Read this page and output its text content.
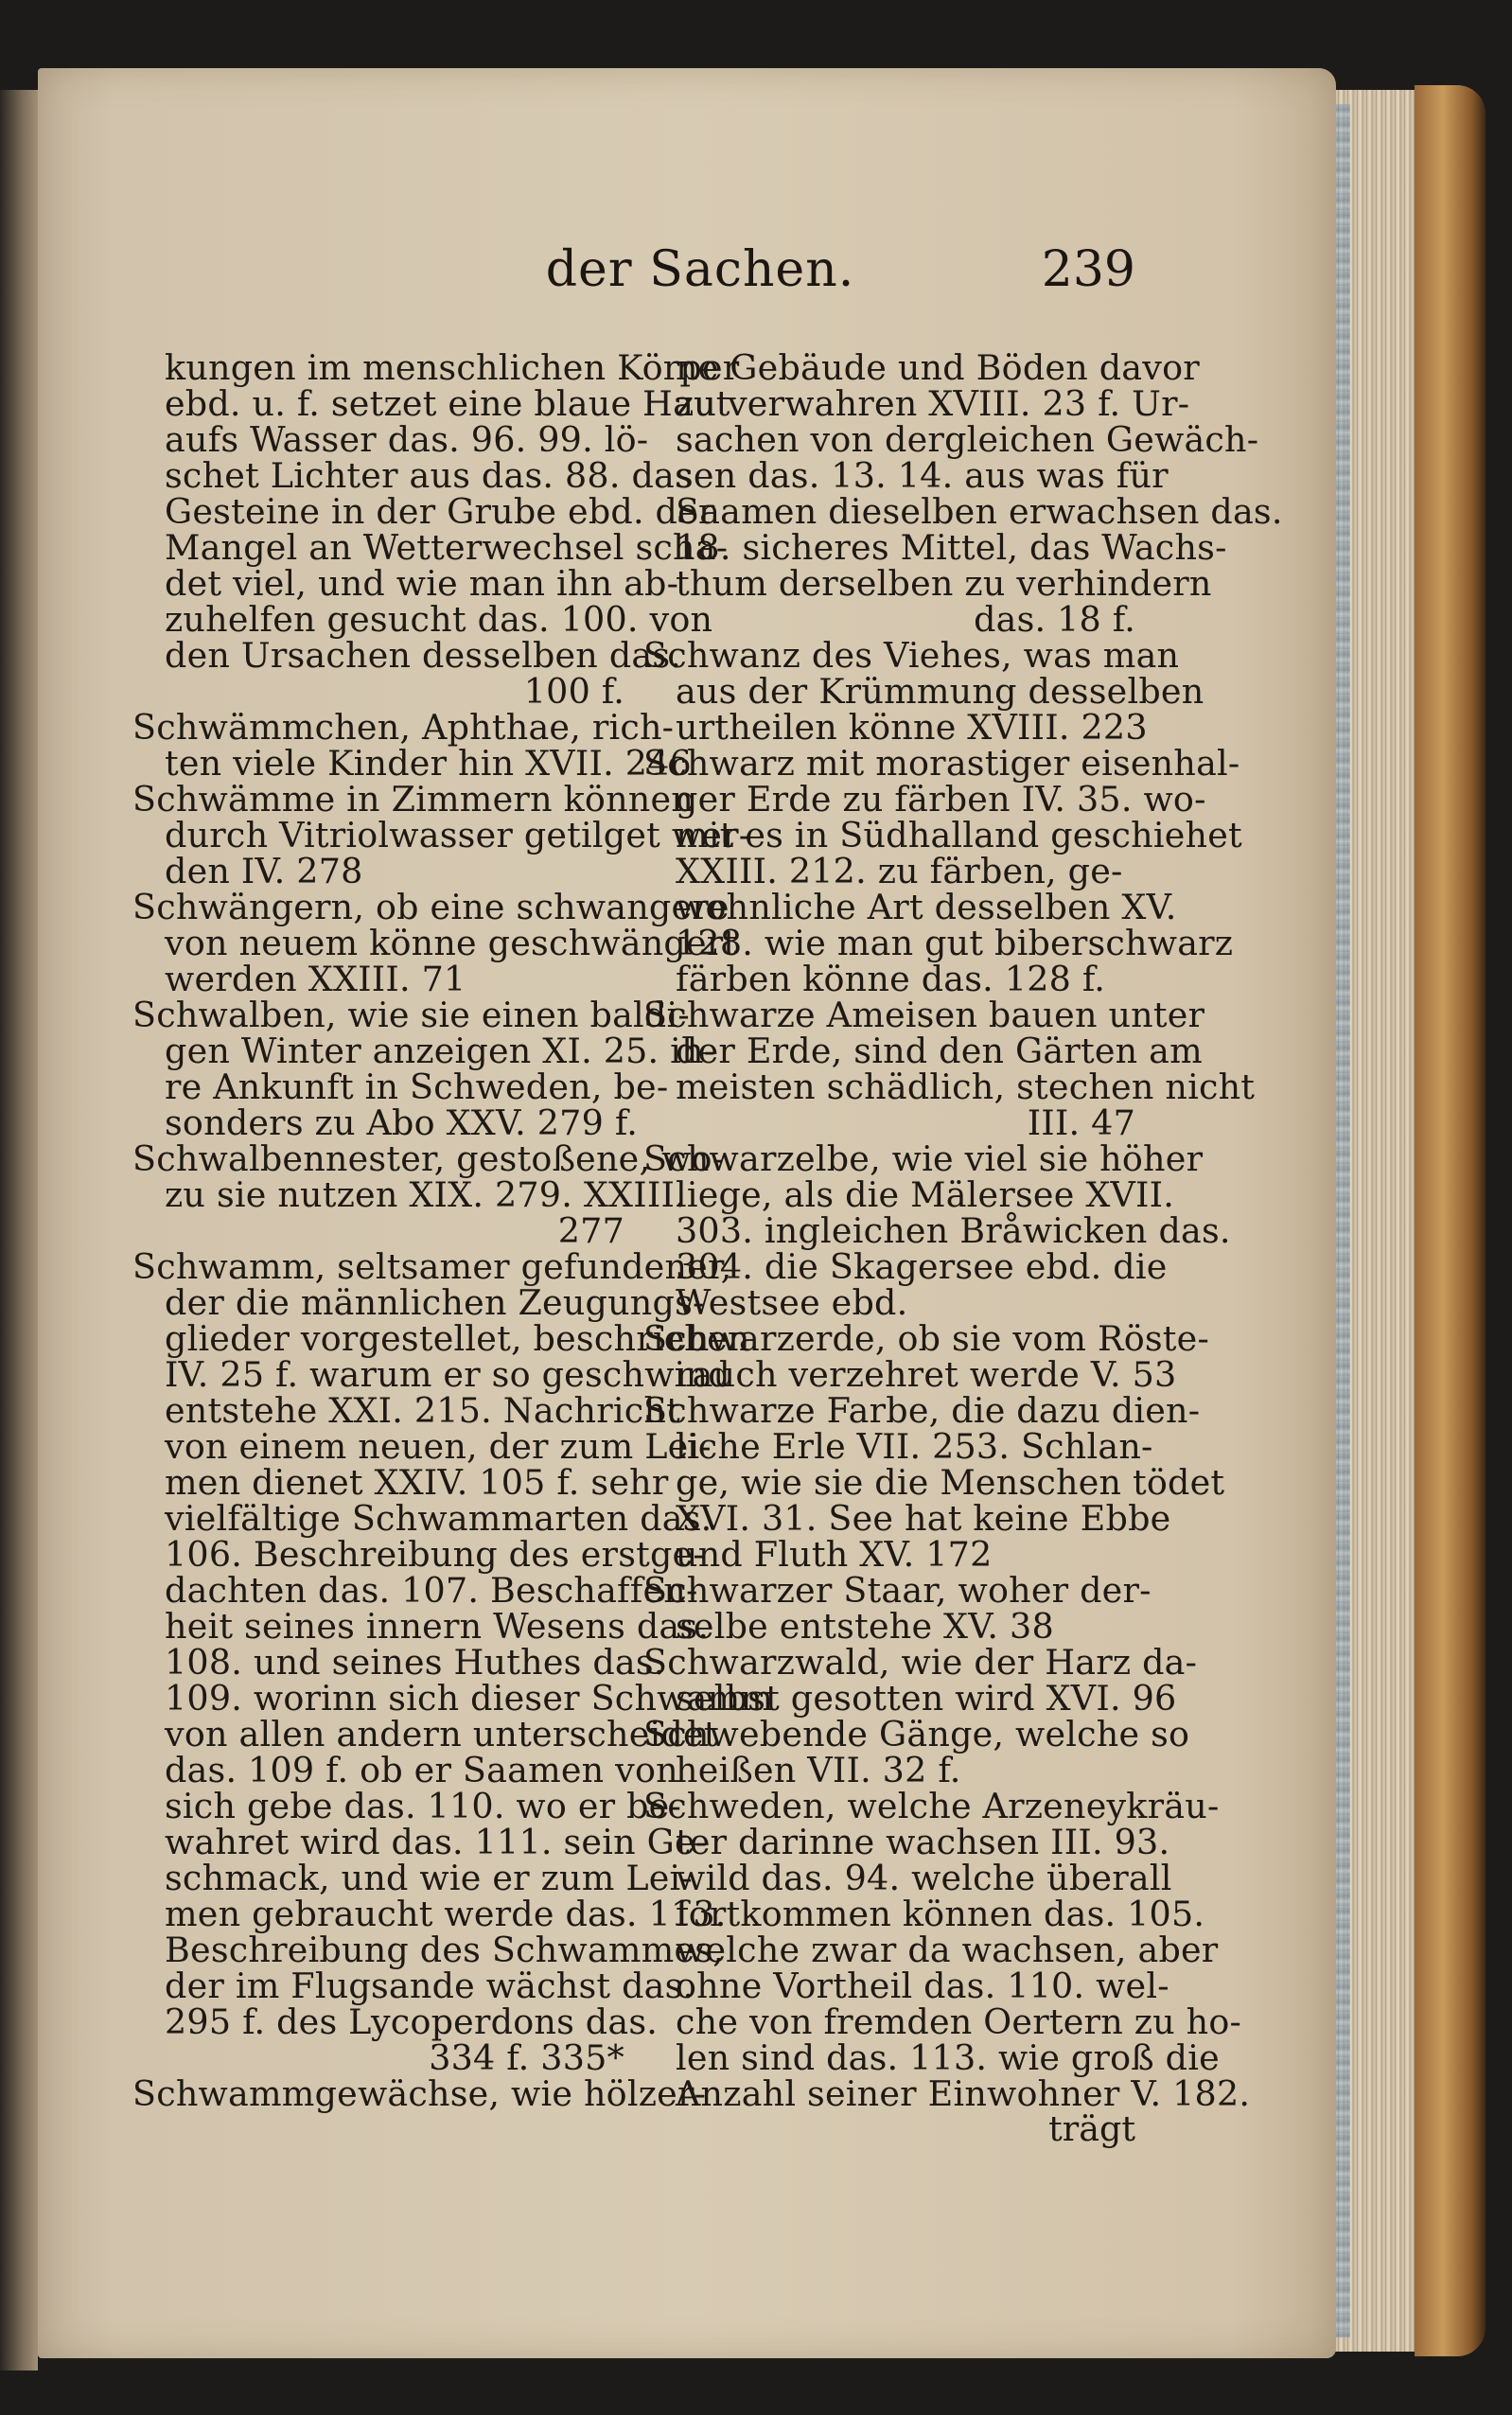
der Sachen.	239
kungen im menschlichen Körper
ebd. u. f. setzet eine blaue Haut
aufs Wasser das. 96. 99. lö-
schet Lichter aus das. 88. das
Gesteine in der Grube ebd. der
Mangel an Wetterwechsel scha-
det viel, und wie man ihn ab-
zuhelfen gesucht das. 100. von
den Ursachen desselben das.
100 f.
Schwämmchen, Aphthae, rich-
ten viele Kinder hin XVII. 246
Schwämme in Zimmern können
durch Vitriolwasser getilget wer-
den IV. 278
Schwängern, ob eine schwangere
von neuem könne geschwängert
werden XXIII. 71
Schwalben, wie sie einen baldi-
gen Winter anzeigen XI. 25. ih-
re Ankunft in Schweden, be-
sonders zu Abo XXV. 279 f.
Schwalbennester, gestoßene, wo-
zu sie nutzen XIX. 279. XXIII.
277
Schwamm, seltsamer gefundener,
der die männlichen Zeugungs-
glieder vorgestellet, beschrieben
IV. 25 f. warum er so geschwind
entstehe XXI. 215. Nachricht
von einem neuen, der zum Lei-
men dienet XXIV. 105 f. sehr
vielfältige Schwammarten das.
106. Beschreibung des erstge-
dachten das. 107. Beschaffen-
heit seines innern Wesens das.
108. und seines Huthes das.
109. worinn sich dieser Schwamm
von allen andern unterscheidet
das. 109 f. ob er Saamen von
sich gebe das. 110. wo er be-
wahret wird das. 111. sein Ge-
schmack, und wie er zum Lei-
men gebraucht werde das. 113.
Beschreibung des Schwammes,
der im Flugsande wächst das.
295 f. des Lycoperdons das.
334 f. 335*
Schwammgewächse, wie hölzer-
ne Gebäude und Böden davor
zu verwahren XVIII. 23 f. Ur-
sachen von dergleichen Gewäch-
sen das. 13. 14. aus was für
Saamen dieselben erwachsen das.
18. sicheres Mittel, das Wachs-
thum derselben zu verhindern
das. 18 f.
Schwanz des Viehes, was man
aus der Krümmung desselben
urtheilen könne XVIII. 223
Schwarz mit morastiger eisenhal-
ger Erde zu färben IV. 35. wo-
mit es in Südhalland geschiehet
XXIII. 212. zu färben, ge-
wohnliche Art desselben XV.
128. wie man gut biberschwarz
färben könne das. 128 f.
Schwarze Ameisen bauen unter
der Erde, sind den Gärten am
meisten schädlich, stechen nicht
III. 47
Schwarzelbe, wie viel sie höher
liege, als die Mälersee XVII.
303. ingleichen Bråwicken das.
304. die Skagersee ebd. die
Westsee ebd.
Schwarzerde, ob sie vom Röste-
rauch verzehret werde V. 53
Schwarze Farbe, die dazu dien-
liche Erle VII. 253. Schlan-
ge, wie sie die Menschen tödet
XVI. 31. See hat keine Ebbe
und Fluth XV. 172
Schwarzer Staar, woher der-
selbe entstehe XV. 38
Schwarzwald, wie der Harz da-
selbst gesotten wird XVI. 96
Schwebende Gänge, welche so
heißen VII. 32 f.
Schweden, welche Arzeneykräu-
ter darinne wachsen III. 93.
wild das. 94. welche überall
fortkommen können das. 105.
welche zwar da wachsen, aber
ohne Vortheil das. 110. wel-
che von fremden Oertern zu ho-
len sind das. 113. wie groß die
Anzahl seiner Einwohner V. 182.
trägt
